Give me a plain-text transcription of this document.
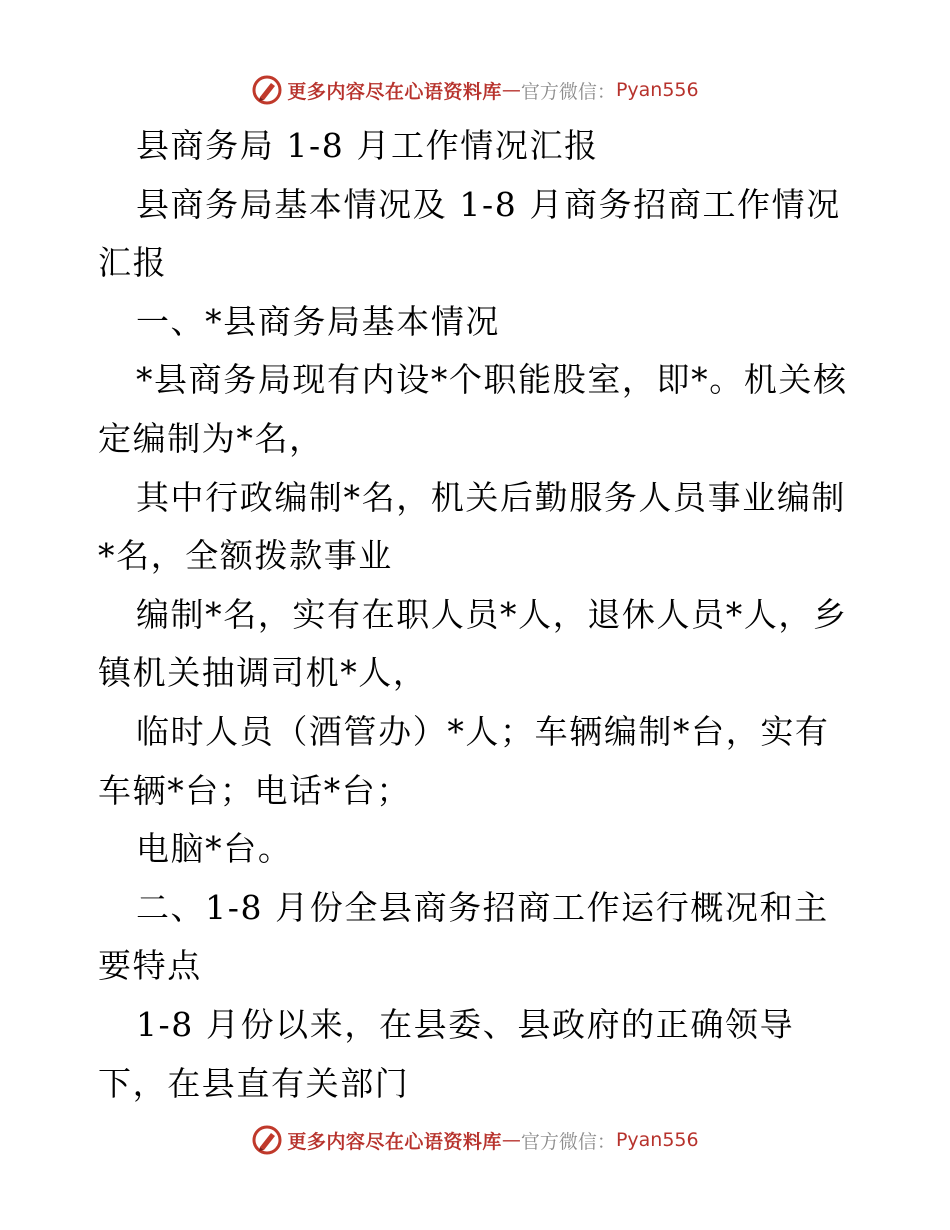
更多内容尽在心语资料库 — 官方微信： Pyan556

县商务局 1-8 月工作情况汇报

县商务局基本情况及 1-8 月商务招商工作情况汇报

一、*县商务局基本情况

*县商务局现有内设*个职能股室，即*。机关核定编制为*名，

其中行政编制*名，机关后勤服务人员事业编制*名，全额拨款事业

编制*名，实有在职人员*人，退休人员*人，乡镇机关抽调司机*人，

临时人员（酒管办）*人；车辆编制*台，实有车辆*台；电话*台；

电脑*台。

二、1-8 月份全县商务招商工作运行概况和主要特点

1-8 月份以来，在县委、县政府的正确领导下，在县直有关部门

更多内容尽在心语资料库 — 官方微信： Pyan556
